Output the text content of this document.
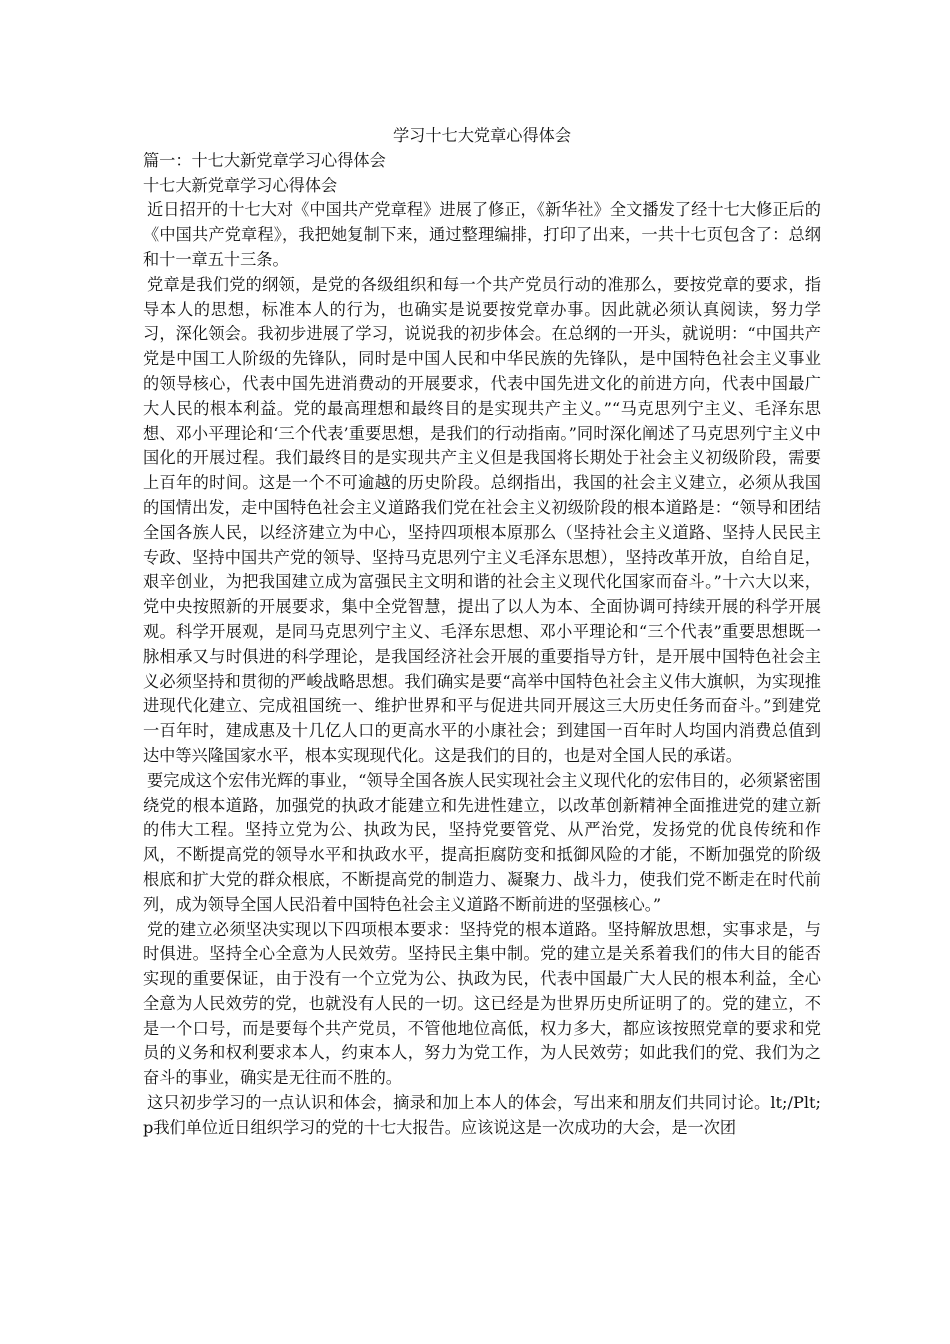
学习十七大党章心得体会

篇一：十七大新党章学习心得体会

十七大新党章学习心得体会

近日招开的十七大对《中国共产党章程》进展了修正，《新华社》全文播发了经十七大修正后的《中国共产党章程》，我把她复制下来，通过整理编排，打印了出来，一共十七页包含了：总纲和十一章五十三条。

党章是我们党的纲领，是党的各级组织和每一个共产党员行动的准那么，要按党章的要求，指导本人的思想，标准本人的行为，也确实是说要按党章办事。因此就必须认真阅读，努力学习，深化领会。我初步进展了学习，说说我的初步体会。在总纲的一开头，就说明：“中国共产党是中国工人阶级的先锋队，同时是中国人民和中华民族的先锋队，是中国特色社会主义事业的领导核心，代表中国先进消费动的开展要求，代表中国先进文化的前进方向，代表中国最广大人民的根本利益。党的最高理想和最终目的是实现共产主义。”“马克思列宁主义、毛泽东思想、邓小平理论和‘三个代表’重要思想，是我们的行动指南。”同时深化阐述了马克思列宁主义中国化的开展过程。我们最终目的是实现共产主义但是我国将长期处于社会主义初级阶段，需要上百年的时间。这是一个不可逾越的历史阶段。总纲指出，我国的社会主义建立，必须从我国的国情出发，走中国特色社会主义道路我们党在社会主义初级阶段的根本道路是：“领导和团结全国各族人民，以经济建立为中心，坚持四项根本原那么（坚持社会主义道路、坚持人民民主专政、坚持中国共产党的领导、坚持马克思列宁主义毛泽东思想），坚持改革开放，自给自足，艰辛创业，为把我国建立成为富强民主文明和谐的社会主义现代化国家而奋斗。”十六大以来，党中央按照新的开展要求，集中全党智慧，提出了以人为本、全面协调可持续开展的科学开展观。科学开展观，是同马克思列宁主义、毛泽东思想、邓小平理论和“三个代表”重要思想既一脉相承又与时俱进的科学理论，是我国经济社会开展的重要指导方针，是开展中国特色社会主义必须坚持和贯彻的严峻战略思想。我们确实是要“高举中国特色社会主义伟大旗帜，为实现推进现代化建立、完成祖国统一、维护世界和平与促进共同开展这三大历史任务而奋斗。”到建党一百年时，建成惠及十几亿人口的更高水平的小康社会；到建国一百年时人均国内消费总值到达中等兴隆国家水平，根本实现现代化。这是我们的目的，也是对全国人民的承诺。

要完成这个宏伟光辉的事业，“领导全国各族人民实现社会主义现代化的宏伟目的，必须紧密围绕党的根本道路，加强党的执政才能建立和先进性建立，以改革创新精神全面推进党的建立新的伟大工程。坚持立党为公、执政为民，坚持党要管党、从严治党，发扬党的优良传统和作风，不断提高党的领导水平和执政水平，提高拒腐防变和抵御风险的才能，不断加强党的阶级根底和扩大党的群众根底，不断提高党的制造力、凝聚力、战斗力，使我们党不断走在时代前列，成为领导全国人民沿着中国特色社会主义道路不断前进的坚强核心。”

党的建立必须坚决实现以下四项根本要求：坚持党的根本道路。坚持解放思想，实事求是，与时俱进。坚持全心全意为人民效劳。坚持民主集中制。党的建立是关系着我们的伟大目的能否实现的重要保证，由于没有一个立党为公、执政为民，代表中国最广大人民的根本利益，全心全意为人民效劳的党，也就没有人民的一切。这已经是为世界历史所证明了的。党的建立，不是一个口号，而是要每个共产党员，不管他地位高低，权力多大，都应该按照党章的要求和党员的义务和权利要求本人，约束本人，努力为党工作，为人民效劳；如此我们的党、我们为之奋斗的事业，确实是无往而不胜的。

这只初步学习的一点认识和体会，摘录和加上本人的体会，写出来和朋友们共同讨论。lt;/Plt; p我们单位近日组织学习的党的十七大报告。应该说这是一次成功的大会，是一次团
